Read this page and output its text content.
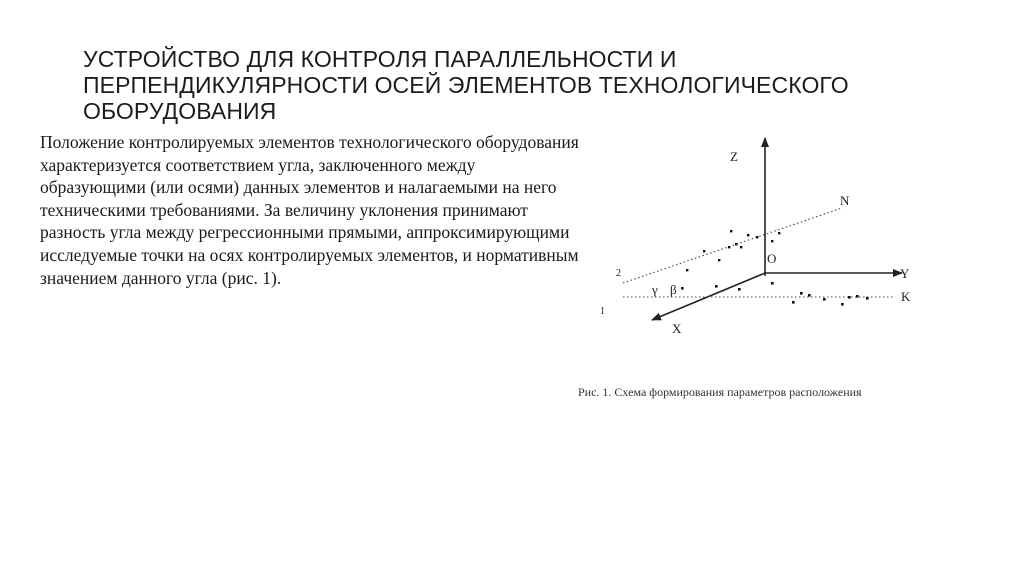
УСТРОЙСТВО ДЛЯ КОНТРОЛЯ ПАРАЛЛЕЛЬНОСТИ И ПЕРПЕНДИКУЛЯРНОСТИ ОСЕЙ ЭЛЕМЕНТОВ ТЕХНОЛОГИЧЕСКОГО ОБОРУДОВАНИЯ

Положение контролируемых элементов технологического оборудования характеризуется соответствием угла, заключенного между образующими (или осями) данных элементов и налагаемыми на него техническими требованиями. За величину уклонения принимают разность угла между регрессионными прямыми, аппроксимирующими исследуемые точки на осях контролируемых элементов, и нормативным значением данного угла (рис. 1).

Z
N
O
Y
K
X
2
1
γ β

Рис. 1. Схема формирования параметров расположения
